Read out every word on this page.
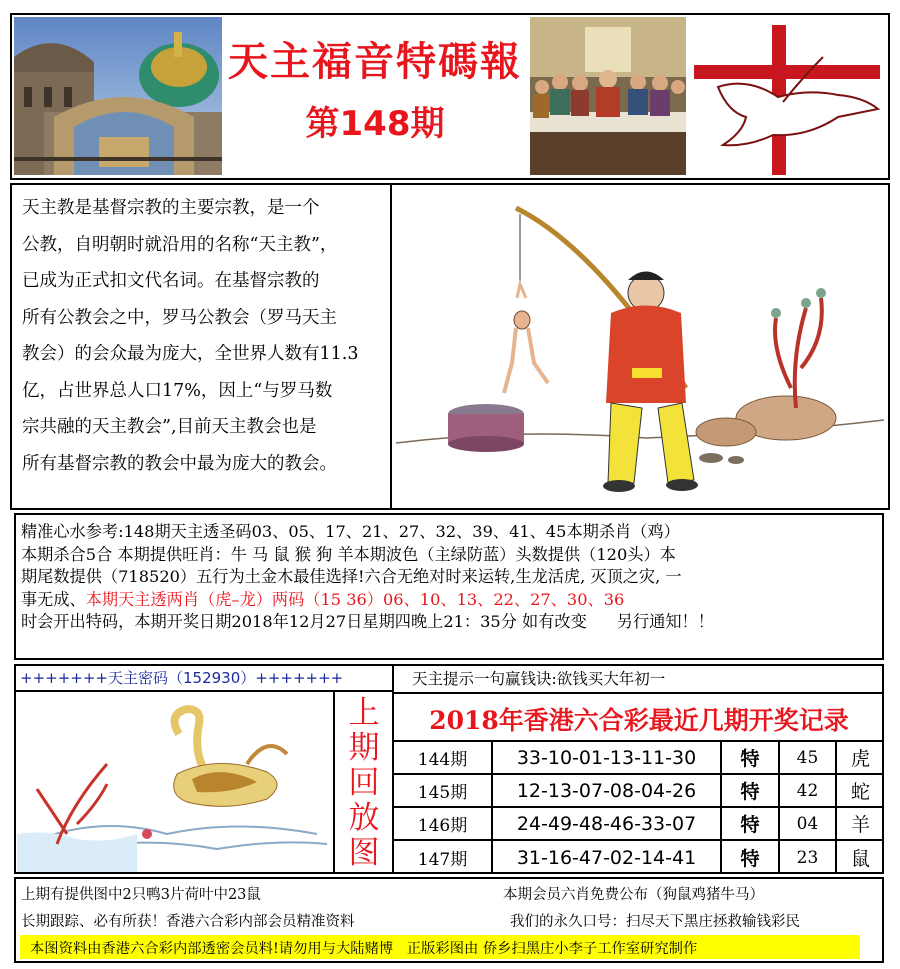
天主福音特碼報
第148期
天主教是基督宗教的主要宗教，是一个
公教，自明朝时就沿用的名称“天主教”，
已成为正式扣文代名词。在基督宗教的
所有公教会之中，罗马公教会（罗马天主
教会）的会众最为庞大，全世界人数有11.3
亿，占世界总人口17%，因上“与罗马数
宗共融的天主教会”,目前天主教会也是
所有基督宗教的教会中最为庞大的教会。
精准心水参考:148期天主透圣码03、05、17、21、27、32、39、41、45本期杀肖（鸡）
本期杀合5合 本期提供旺肖：牛 马 鼠 猴 狗 羊本期波色（主绿防蓝）头数提供（120头）本
期尾数提供（718520）五行为土金木最佳选择!六合无绝对时来运转,生龙活虎, 灭顶之灾, 一
事无成、本期天主透两肖（虎–龙）两码（15 36）06、10、13、22、27、30、36
时会开出特码，本期开奖日期2018年12月27日星期四晚上21：35分 如有改变 另行通知！！
+++++++天主密码（152930）+++++++	天主提示一句赢钱诀:欲钱买大年初一
上
期
回
放
图
2018年香港六合彩最近几期开奖记录
144期	33-10-01-13-11-30	特	45	虎
145期	12-13-07-08-04-26	特	42	蛇
146期	24-49-48-46-33-07	特	04	羊
147期	31-16-47-02-14-41	特	23	鼠
上期有提供图中2只鸭3片荷叶中23鼠	本期会员六肖免费公布（狗鼠鸡猪牛马）
长期跟踪、必有所获！香港六合彩内部会员精准资料	我们的永久口号：扫尽天下黑庄拯救输钱彩民
本图资料由香港六合彩内部透密会员料!请勿用与大陆赌博   正版彩图由 侨乡扫黑庄小李子工作室研究制作
